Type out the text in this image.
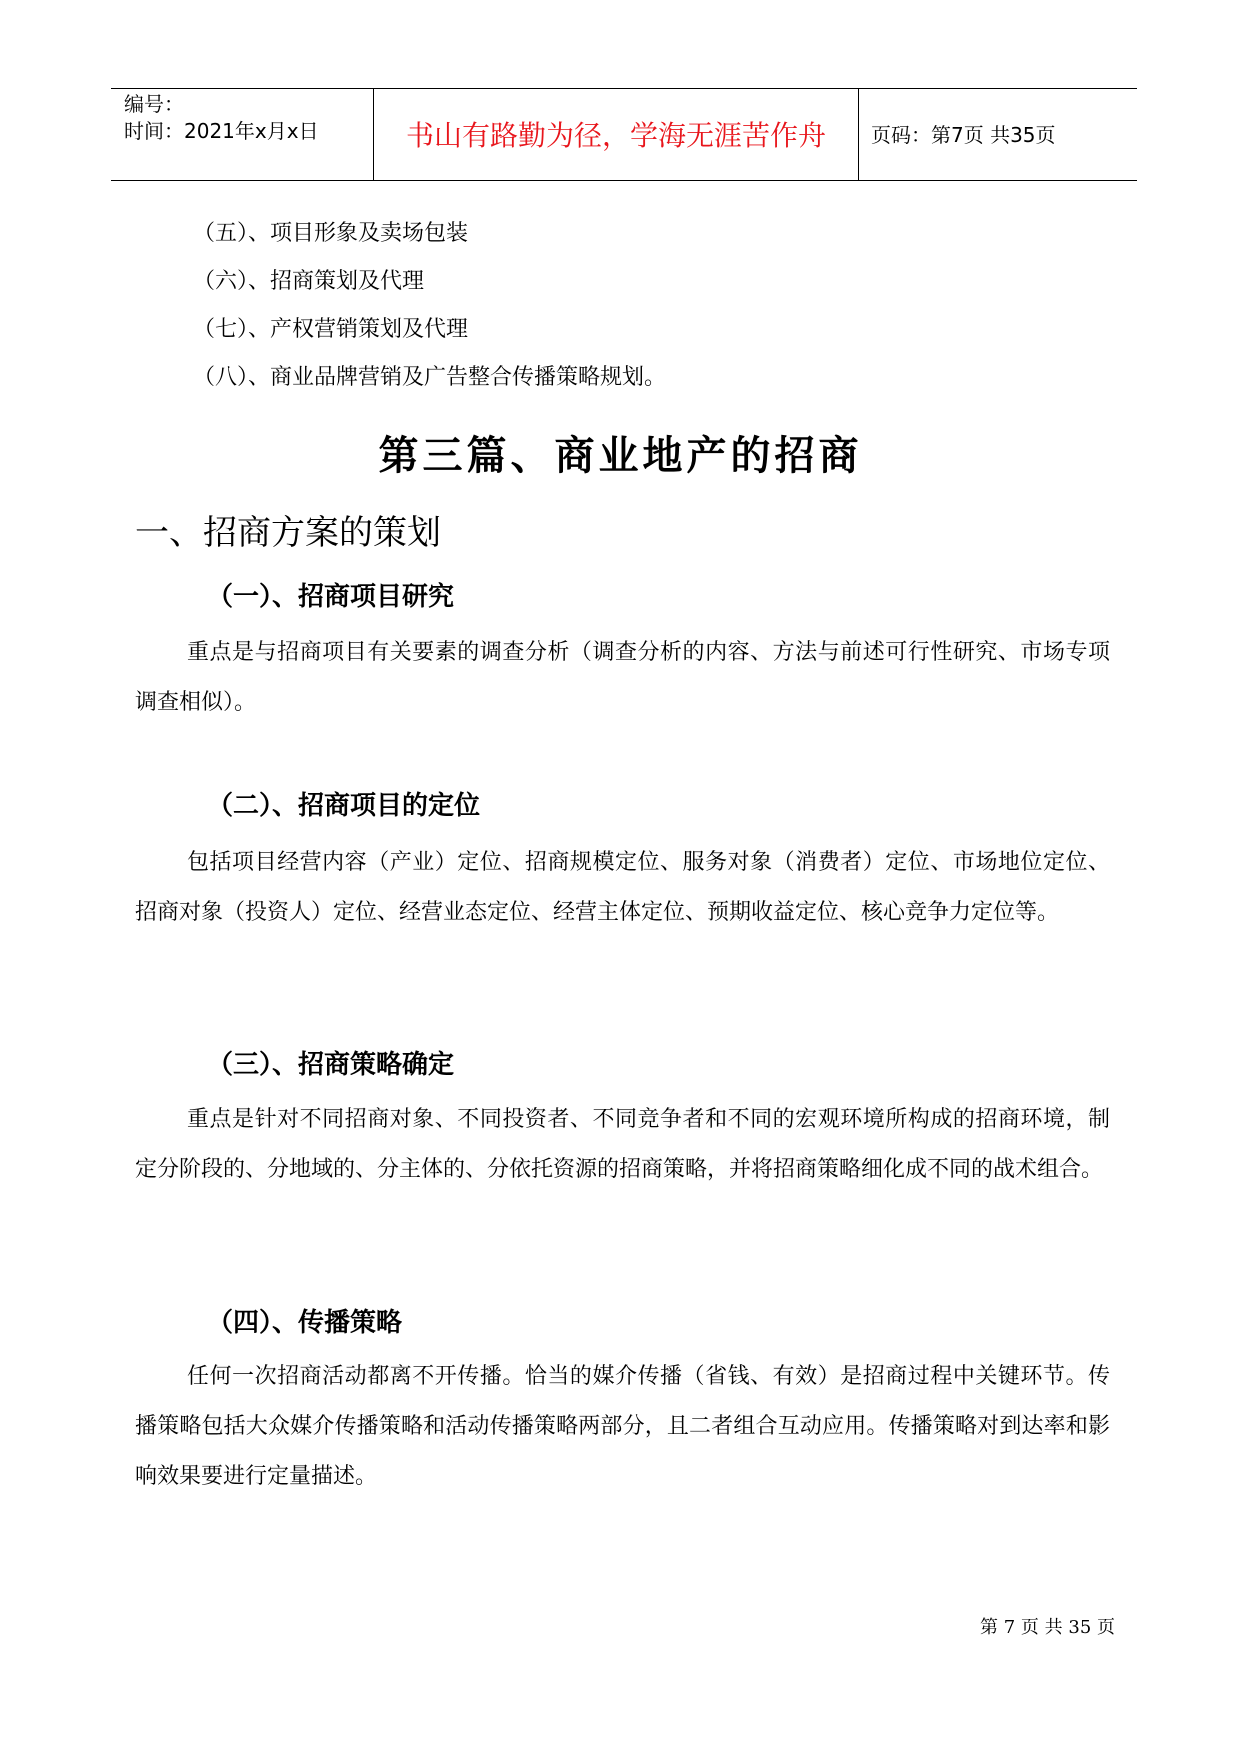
编号：
时间：2021年x月x日	书山有路勤为径，学海无涯苦作舟	页码：第7页 共35页
（五）、项目形象及卖场包装
（六）、招商策划及代理
（七）、产权营销策划及代理
（八）、商业品牌营销及广告整合传播策略规划。
第三篇、商业地产的招商
一、招商方案的策划
（一）、招商项目研究
重点是与招商项目有关要素的调查分析（调查分析的内容、方法与前述可行性研究、市场专项调查相似）。
（二）、招商项目的定位
包括项目经营内容（产业）定位、招商规模定位、服务对象（消费者）定位、市场地位定位、招商对象（投资人）定位、经营业态定位、经营主体定位、预期收益定位、核心竞争力定位等。
（三）、招商策略确定
重点是针对不同招商对象、不同投资者、不同竞争者和不同的宏观环境所构成的招商环境，制定分阶段的、分地域的、分主体的、分依托资源的招商策略，并将招商策略细化成不同的战术组合。
（四）、传播策略
任何一次招商活动都离不开传播。恰当的媒介传播（省钱、有效）是招商过程中关键环节。传播策略包括大众媒介传播策略和活动传播策略两部分，且二者组合互动应用。传播策略对到达率和影响效果要进行定量描述。
第 7 页 共 35 页
